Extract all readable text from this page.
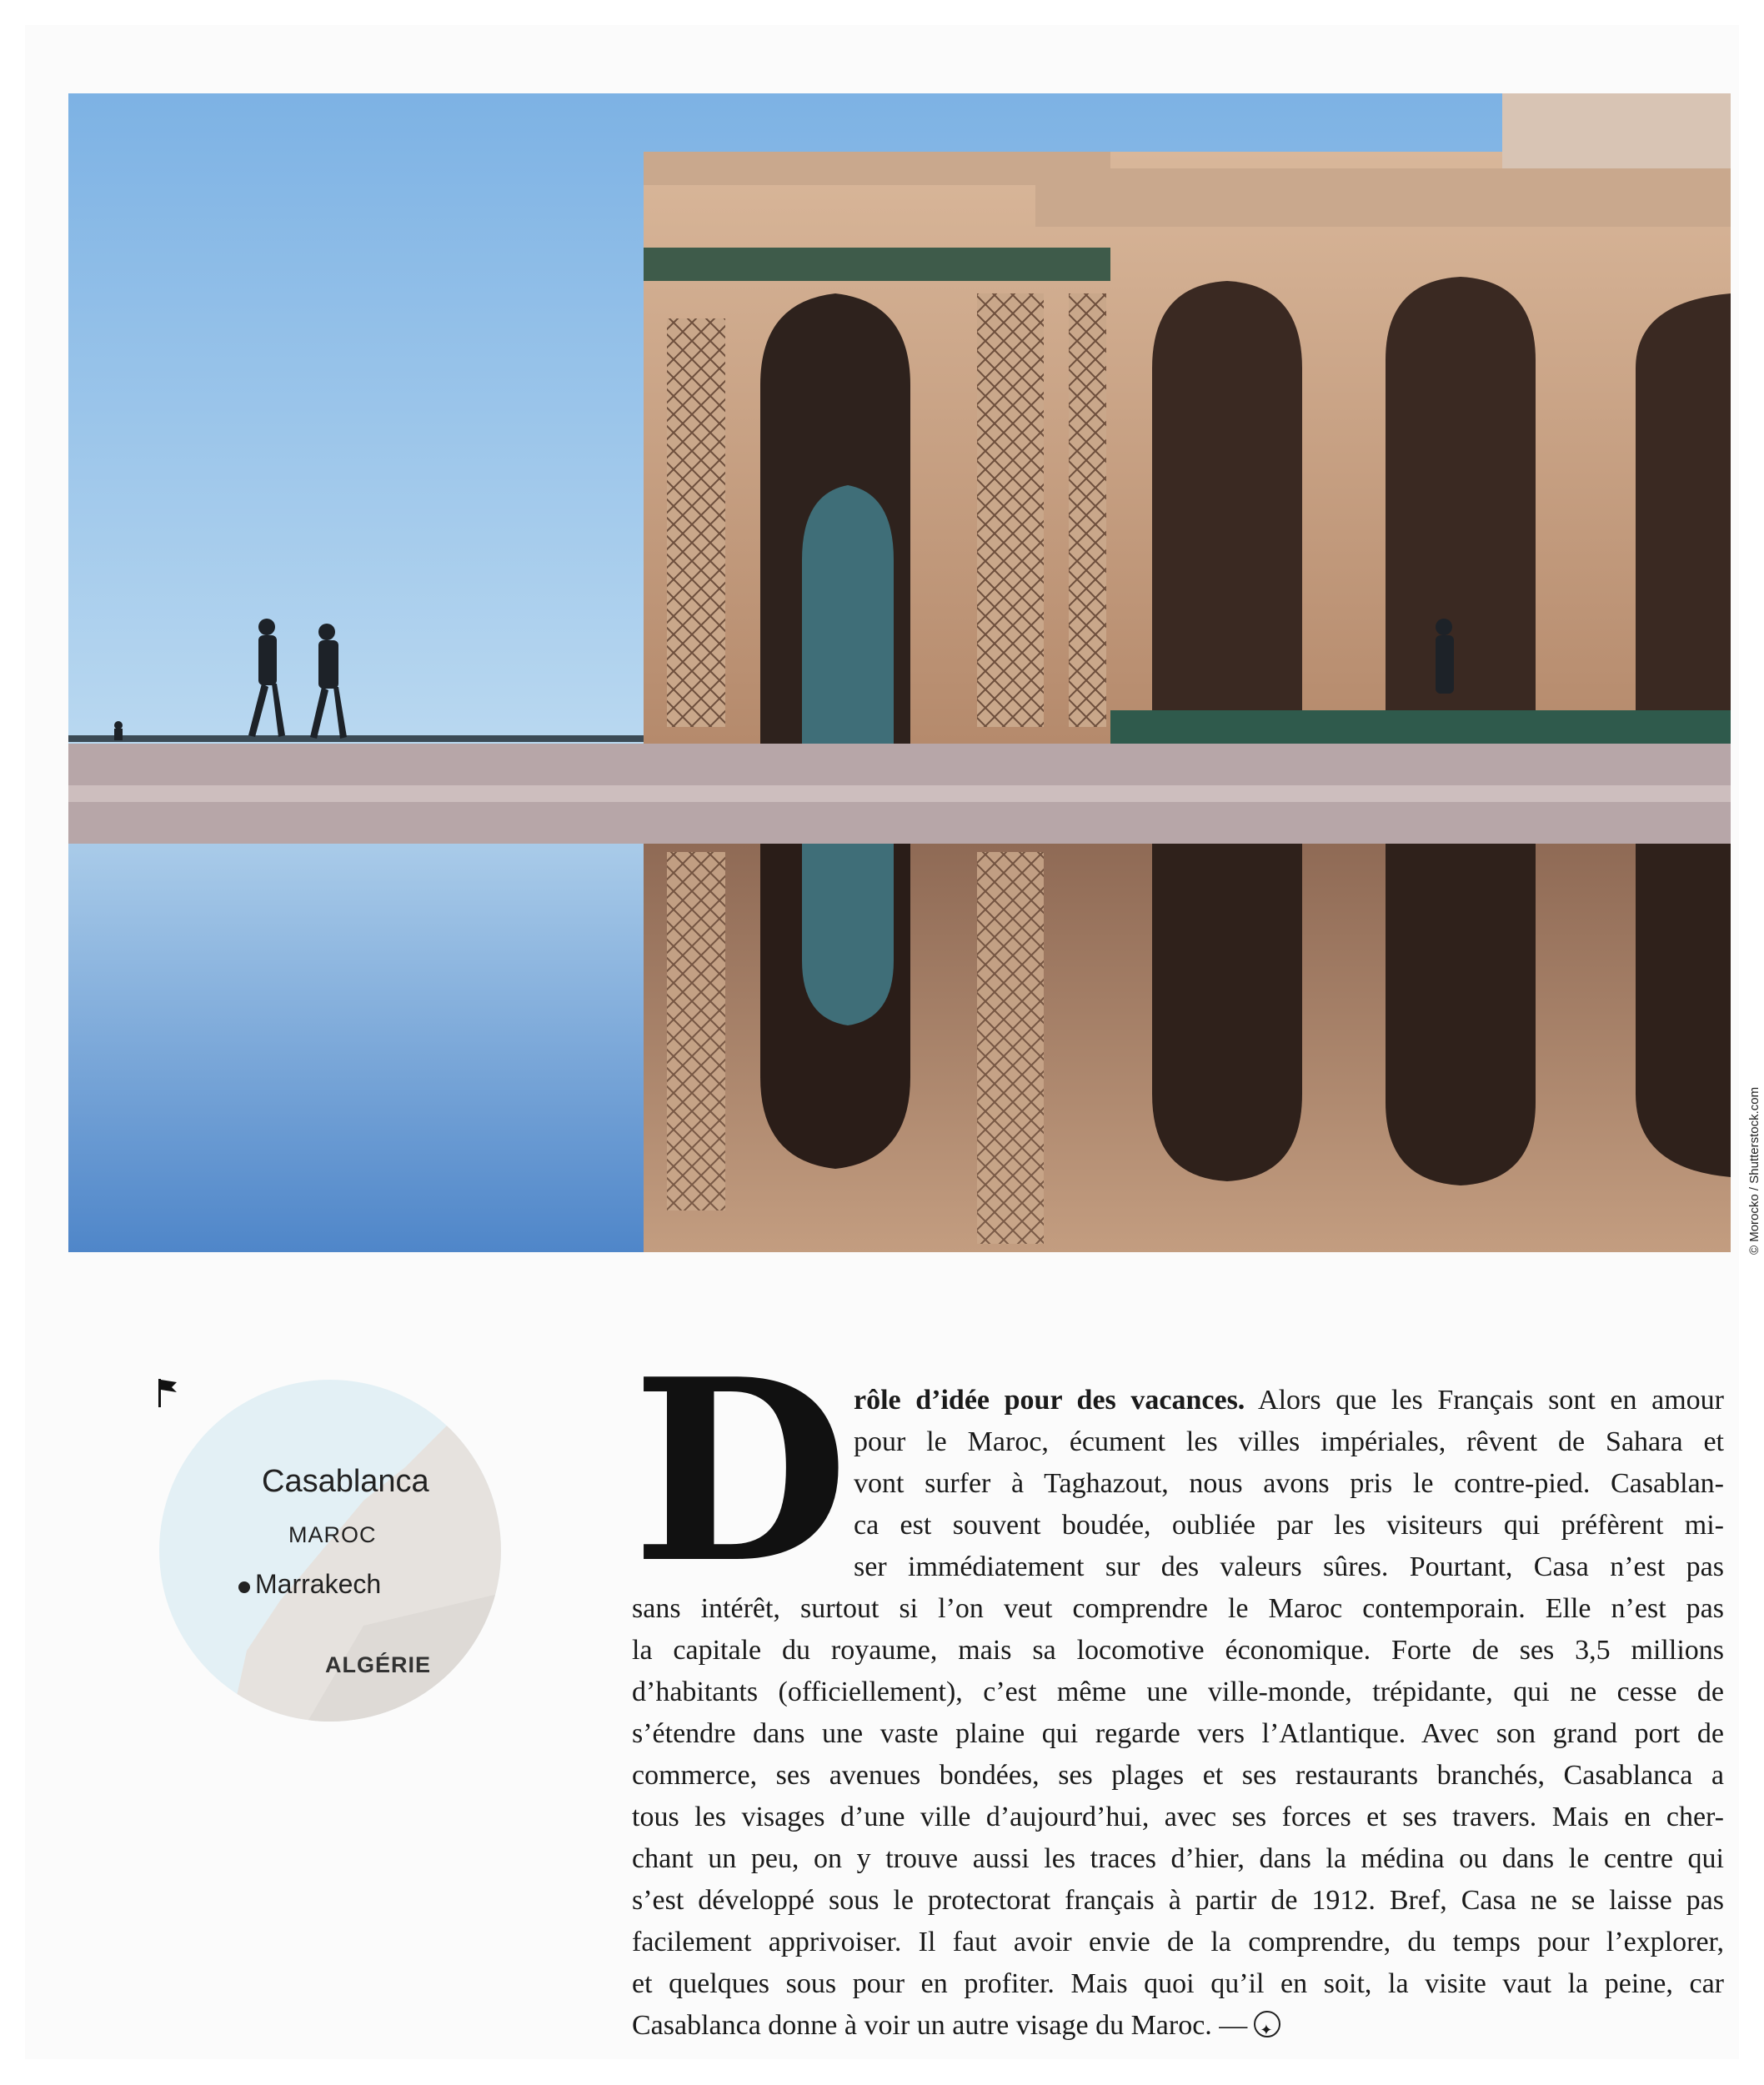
© Morocko / Shutterstock.com
Casablanca
MAROC
Marrakech
ALGÉRIE
D rôle d’idée pour des vacances. Alors que les Français sont en amour
pour le Maroc, écument les villes impériales, rêvent de Sahara et
vont surfer à Taghazout, nous avons pris le contre-pied. Casablan-
ca est souvent boudée, oubliée par les visiteurs qui préfèrent mi-
ser immédiatement sur des valeurs sûres. Pourtant, Casa n’est pas
sans intérêt, surtout si l’on veut comprendre le Maroc contemporain. Elle n’est pas
la capitale du royaume, mais sa locomotive économique. Forte de ses 3,5 millions
d’habitants (officiellement), c’est même une ville-monde, trépidante, qui ne cesse de
s’étendre dans une vaste plaine qui regarde vers l’Atlantique. Avec son grand port de
commerce, ses avenues bondées, ses plages et ses restaurants branchés, Casablanca a
tous les visages d’une ville d’aujourd’hui, avec ses forces et ses travers. Mais en cher-
chant un peu, on y trouve aussi les traces d’hier, dans la médina ou dans le centre qui
s’est développé sous le protectorat français à partir de 1912. Bref, Casa ne se laisse pas
facilement apprivoiser. Il faut avoir envie de la comprendre, du temps pour l’explorer,
et quelques sous pour en profiter. Mais quoi qu’il en soit, la visite vaut la peine, car
Casablanca donne à voir un autre visage du Maroc. —✦
